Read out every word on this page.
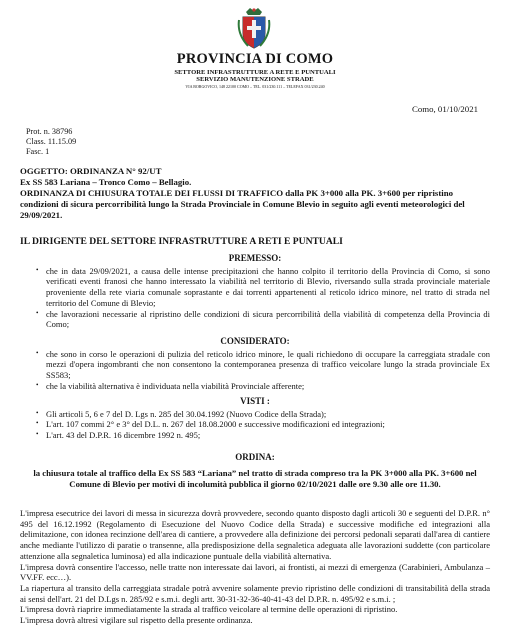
PROVINCIA DI COMO
SETTORE INFRASTRUTTURE A RETE E PUNTUALI
SERVIZIO MANUTENZIONE STRADE
VIA BORGOVICO, 148 22100 COMO – TEL. 031/230.111 – TELEFAX 031/230.240
Como, 01/10/2021
Prot. n. 38796
Class. 11.15.09
Fasc. 1
OGGETTO: ORDINANZA N° 92/UT
Ex SS 583 Lariana – Tronco Como – Bellagio.
ORDINANZA DI CHIUSURA TOTALE DEI FLUSSI DI TRAFFICO dalla PK 3+000 alla PK. 3+600 per ripristino condizioni di sicura percorribilità lungo la Strada Provinciale in Comune Blevio in seguito agli eventi meteorologici del 29/09/2021.
IL DIRIGENTE DEL SETTORE INFRASTRUTTURE A RETI E PUNTUALI
PREMESSO:
• che in data 29/09/2021, a causa delle intense precipitazioni che hanno colpito il territorio della Provincia di Como, si sono verificati eventi franosi che hanno interessato la viabilità nel territorio di Blevio, riversando sulla strada provinciale materiale proveniente della rete viaria comunale soprastante e dai torrenti appartenenti al reticolo idrico minore, nel tratto di strada nel territorio del Comune di Blevio;
• che lavorazioni necessarie al ripristino delle condizioni di sicura percorribilità della viabilità di competenza della Provincia di Como;
CONSIDERATO:
• che sono in corso le operazioni di pulizia del reticolo idrico minore, le quali richiedono di occupare la carreggiata stradale con mezzi d'opera ingombranti che non consentono la contemporanea presenza di traffico veicolare lungo la strada provinciale Ex SS583;
• che la viabilità alternativa è individuata nella viabilità Provinciale afferente;
VISTI :
• Gli articoli 5, 6 e 7 del D. Lgs n. 285 del 30.04.1992 (Nuovo Codice della Strada);
• L'art. 107 commi 2° e 3° del D.L. n. 267 del 18.08.2000 e successive modificazioni ed integrazioni;
• L'art. 43 del D.P.R. 16 dicembre 1992 n. 495;
ORDINA:
la chiusura totale al traffico della Ex SS 583 “Lariana” nel tratto di strada compreso tra la PK 3+000 alla PK. 3+600 nel Comune di Blevio per motivi di incolumità pubblica il giorno 02/10/2021 dalle ore 9.30 alle ore 11.30.

L'impresa esecutrice dei lavori di messa in sicurezza dovrà provvedere, secondo quanto disposto dagli articoli 30 e seguenti del D.P.R. n° 495 del 16.12.1992 (Regolamento di Esecuzione del Nuovo Codice della Strada) e successive modifiche ed integrazioni alla delimitazione, con idonea recinzione dell'area di cantiere, a provvedere alla definizione dei percorsi pedonali separati dall'area di cantiere anche mediante l'utilizzo di paratie o transenne, alla predisposizione della segnaletica adeguata alle lavorazioni suddette (con particolare attenzione alla segnaletica luminosa) ed alla indicazione puntuale della viabilità alternativa.

L'impresa dovrà consentire l'accesso, nelle tratte non interessate dai lavori, ai frontisti, ai mezzi di emergenza (Carabinieri, Ambulanza – VV.FF. ecc…).

La riapertura al transito della carreggiata stradale potrà avvenire solamente previo ripristino delle condizioni di transitabilità della strada ai sensi dell'art. 21 del D.Lgs n. 285/92 e s.m.i. degli artt. 30-31-32-36-40-41-43 del D.P.R. n. 495/92 e s.m.i. ;

L'impresa dovrà riaprire immediatamente la strada al traffico veicolare al termine delle operazioni di ripristino.

L'impresa dovrà altresì vigilare sul rispetto della presente ordinanza.
